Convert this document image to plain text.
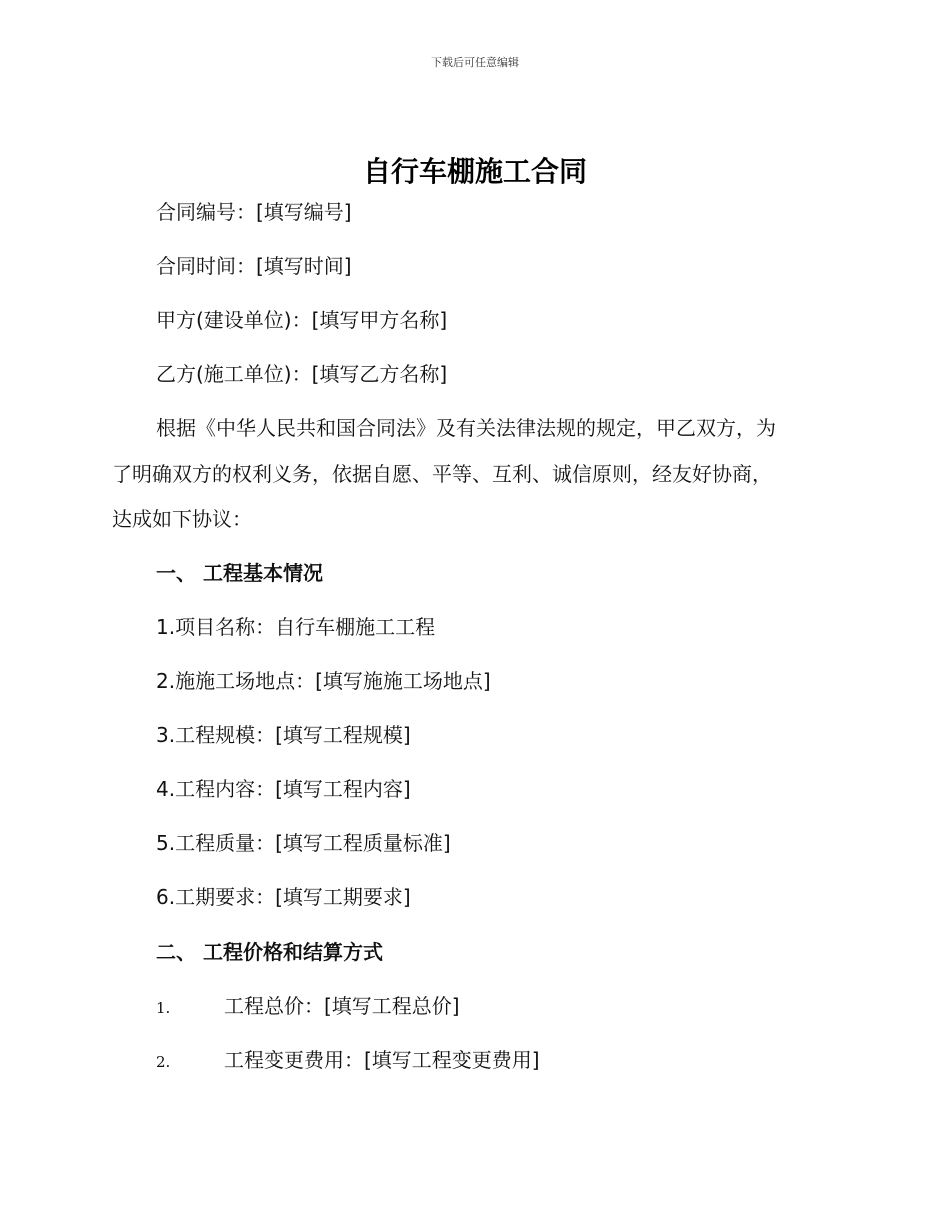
下载后可任意编辑
自行车棚施工合同
合同编号：[填写编号]
合同时间：[填写时间]
甲方(建设单位)：[填写甲方名称]
乙方(施工单位)：[填写乙方名称]
根据《中华人民共和国合同法》及有关法律法规的规定，甲乙双方，为
了明确双方的权利义务，依据自愿、平等、互利、诚信原则，经友好协商，
达成如下协议：
一、 工程基本情况
1.项目名称：自行车棚施工工程
2.施施工场地点：[填写施施工场地点]
3.工程规模：[填写工程规模]
4.工程内容：[填写工程内容]
5.工程质量：[填写工程质量标准]
6.工期要求：[填写工期要求]
二、 工程价格和结算方式
1.	工程总价：[填写工程总价]
2.	工程变更费用：[填写工程变更费用]
